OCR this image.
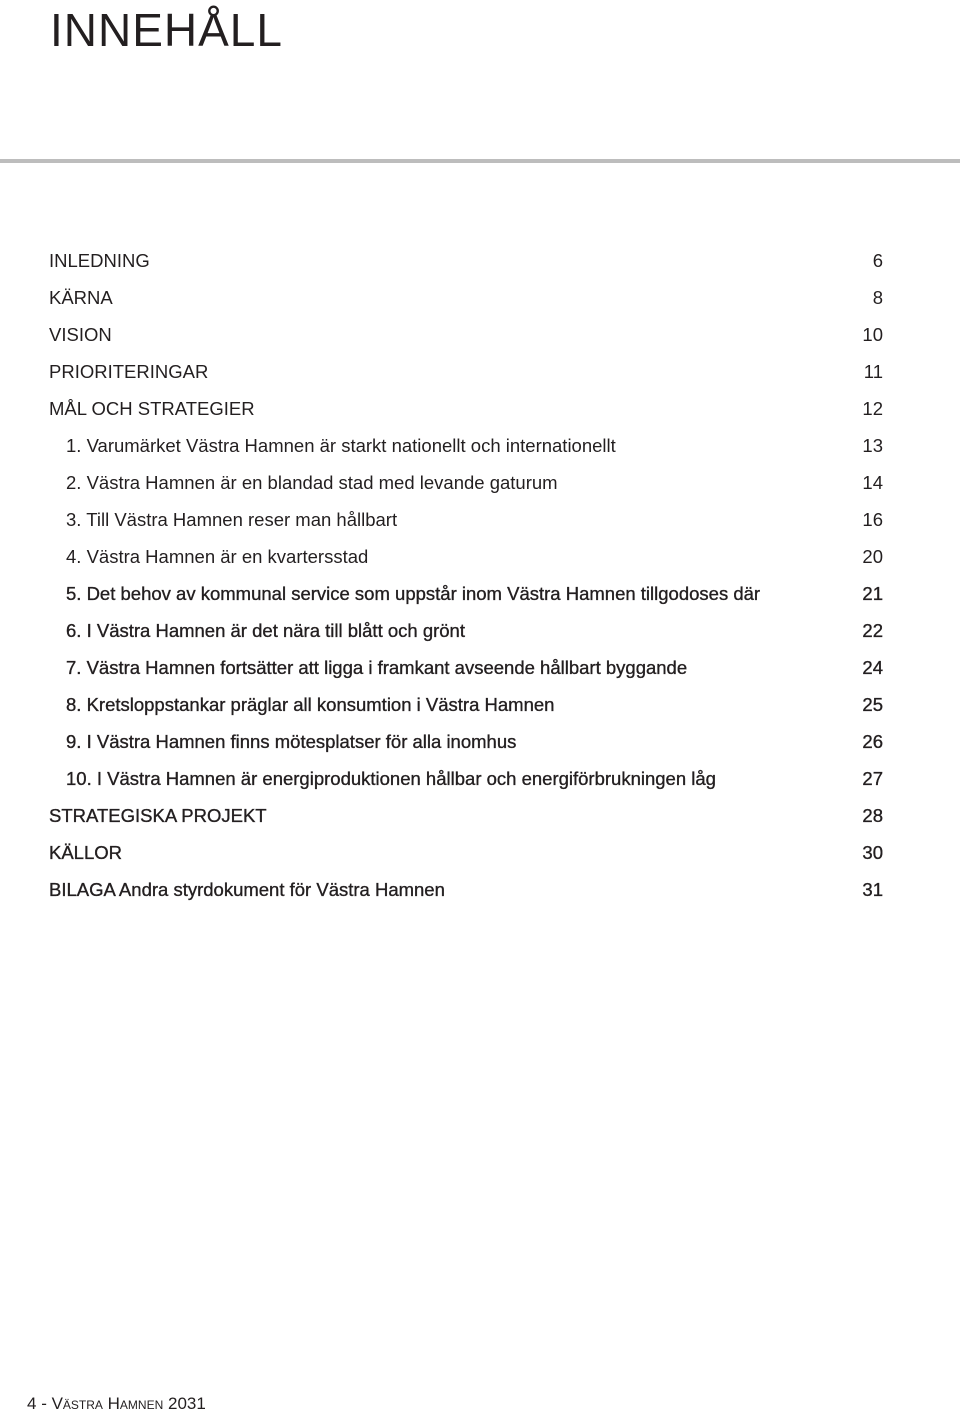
INNEHÅLL
INLEDNING	6
KÄRNA	8
VISION	10
PRIORITERINGAR	11
MÅL OCH STRATEGIER	12
1. Varumärket Västra Hamnen är starkt nationellt och internationellt	13
2. Västra Hamnen är en blandad stad med levande gaturum	14
3. Till Västra Hamnen reser man hållbart	16
4. Västra Hamnen är en kvartersstad	20
5. Det behov av kommunal service som uppstår inom Västra Hamnen tillgodoses där	21
6. I Västra Hamnen är det nära till blått och grönt	22
7. Västra Hamnen fortsätter att ligga i framkant avseende hållbart byggande	24
8. Kretsloppstankar präglar all konsumtion i Västra Hamnen	25
9. I Västra Hamnen finns mötesplatser för alla inomhus	26
10. I Västra Hamnen är energiproduktionen hållbar och energiförbrukningen låg	27
STRATEGISKA PROJEKT	28
KÄLLOR	30
BILAGA Andra styrdokument för Västra Hamnen	31
4 - Västra Hamnen 2031
